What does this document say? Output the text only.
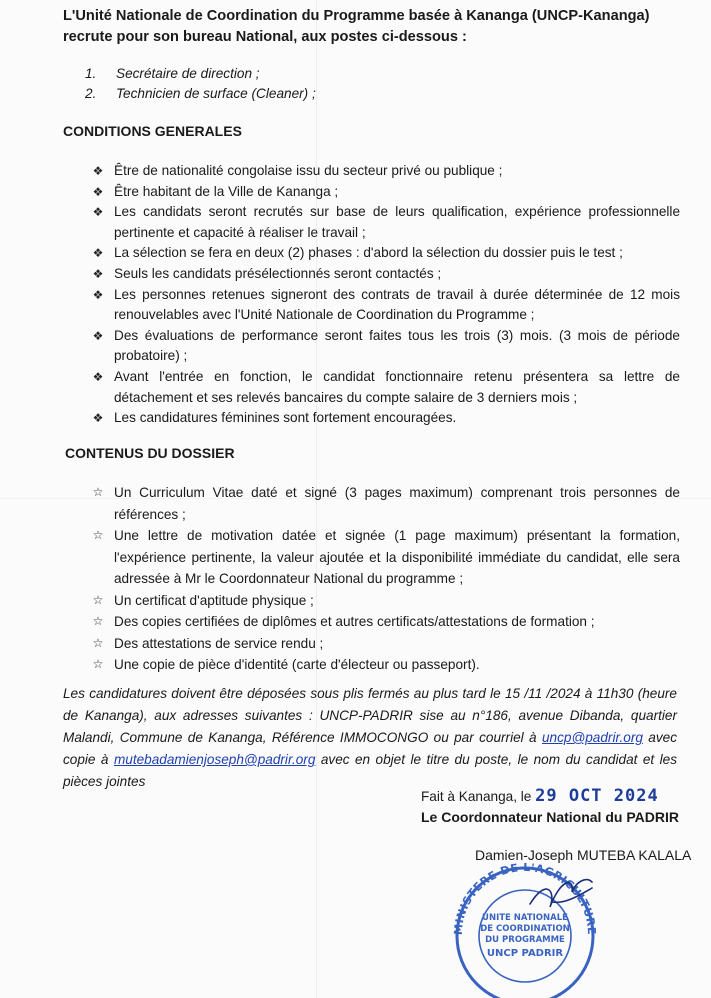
L'Unité Nationale de Coordination du Programme basée à Kananga (UNCP-Kananga) recrute pour son bureau National, aux postes ci-dessous :

1. Secrétaire de direction ;
2. Technicien de surface (Cleaner) ;
CONDITIONS GENERALES
❖ Être de nationalité congolaise issu du secteur privé ou publique ;
❖ Être habitant de la Ville de Kananga ;
❖ Les candidats seront recrutés sur base de leurs qualification, expérience professionnelle pertinente et capacité à réaliser le travail ;
❖ La sélection se fera en deux (2) phases : d'abord la sélection du dossier puis le test ;
❖ Seuls les candidats présélectionnés seront contactés ;
❖ Les personnes retenues signeront des contrats de travail à durée déterminée de 12 mois renouvelables avec l'Unité Nationale de Coordination du Programme ;
❖ Des évaluations de performance seront faites tous les trois (3) mois. (3 mois de période probatoire) ;
❖ Avant l'entrée en fonction, le candidat fonctionnaire retenu présentera sa lettre de détachement et ses relevés bancaires du compte salaire de 3 derniers mois ;
❖ Les candidatures féminines sont fortement encouragées.
CONTENUS DU DOSSIER
☆ Un Curriculum Vitae daté et signé (3 pages maximum) comprenant trois personnes de références ;
☆ Une lettre de motivation datée et signée (1 page maximum) présentant la formation, l'expérience pertinente, la valeur ajoutée et la disponibilité immédiate du candidat, elle sera adressée à Mr le Coordonnateur National du programme ;
☆ Un certificat d'aptitude physique ;
☆ Des copies certifiées de diplômes et autres certificats/attestations de formation ;
☆ Des attestations de service rendu ;
☆ Une copie de pièce d'identité (carte d'électeur ou passeport).

Les candidatures doivent être déposées sous plis fermés au plus tard le 15 /11 /2024 à 11h30 (heure de Kananga), aux adresses suivantes : UNCP-PADRIR sise au n°186, avenue Dibanda, quartier Malandi, Commune de Kananga, Référence IMMOCONGO ou par courriel à uncp@padrir.org avec copie à mutebadamienjoseph@padrir.org avec en objet le titre du poste, le nom du candidat et les pièces jointes

Fait à Kananga, le 29 OCT 2024
Le Coordonnateur National du PADRIR
Damien-Joseph MUTEBA KALALA
MINISTERE DE L'AGRICULTURE
UNITE NATIONALE
DE COORDINATION
DU PROGRAMME
UNCP PADRIR
